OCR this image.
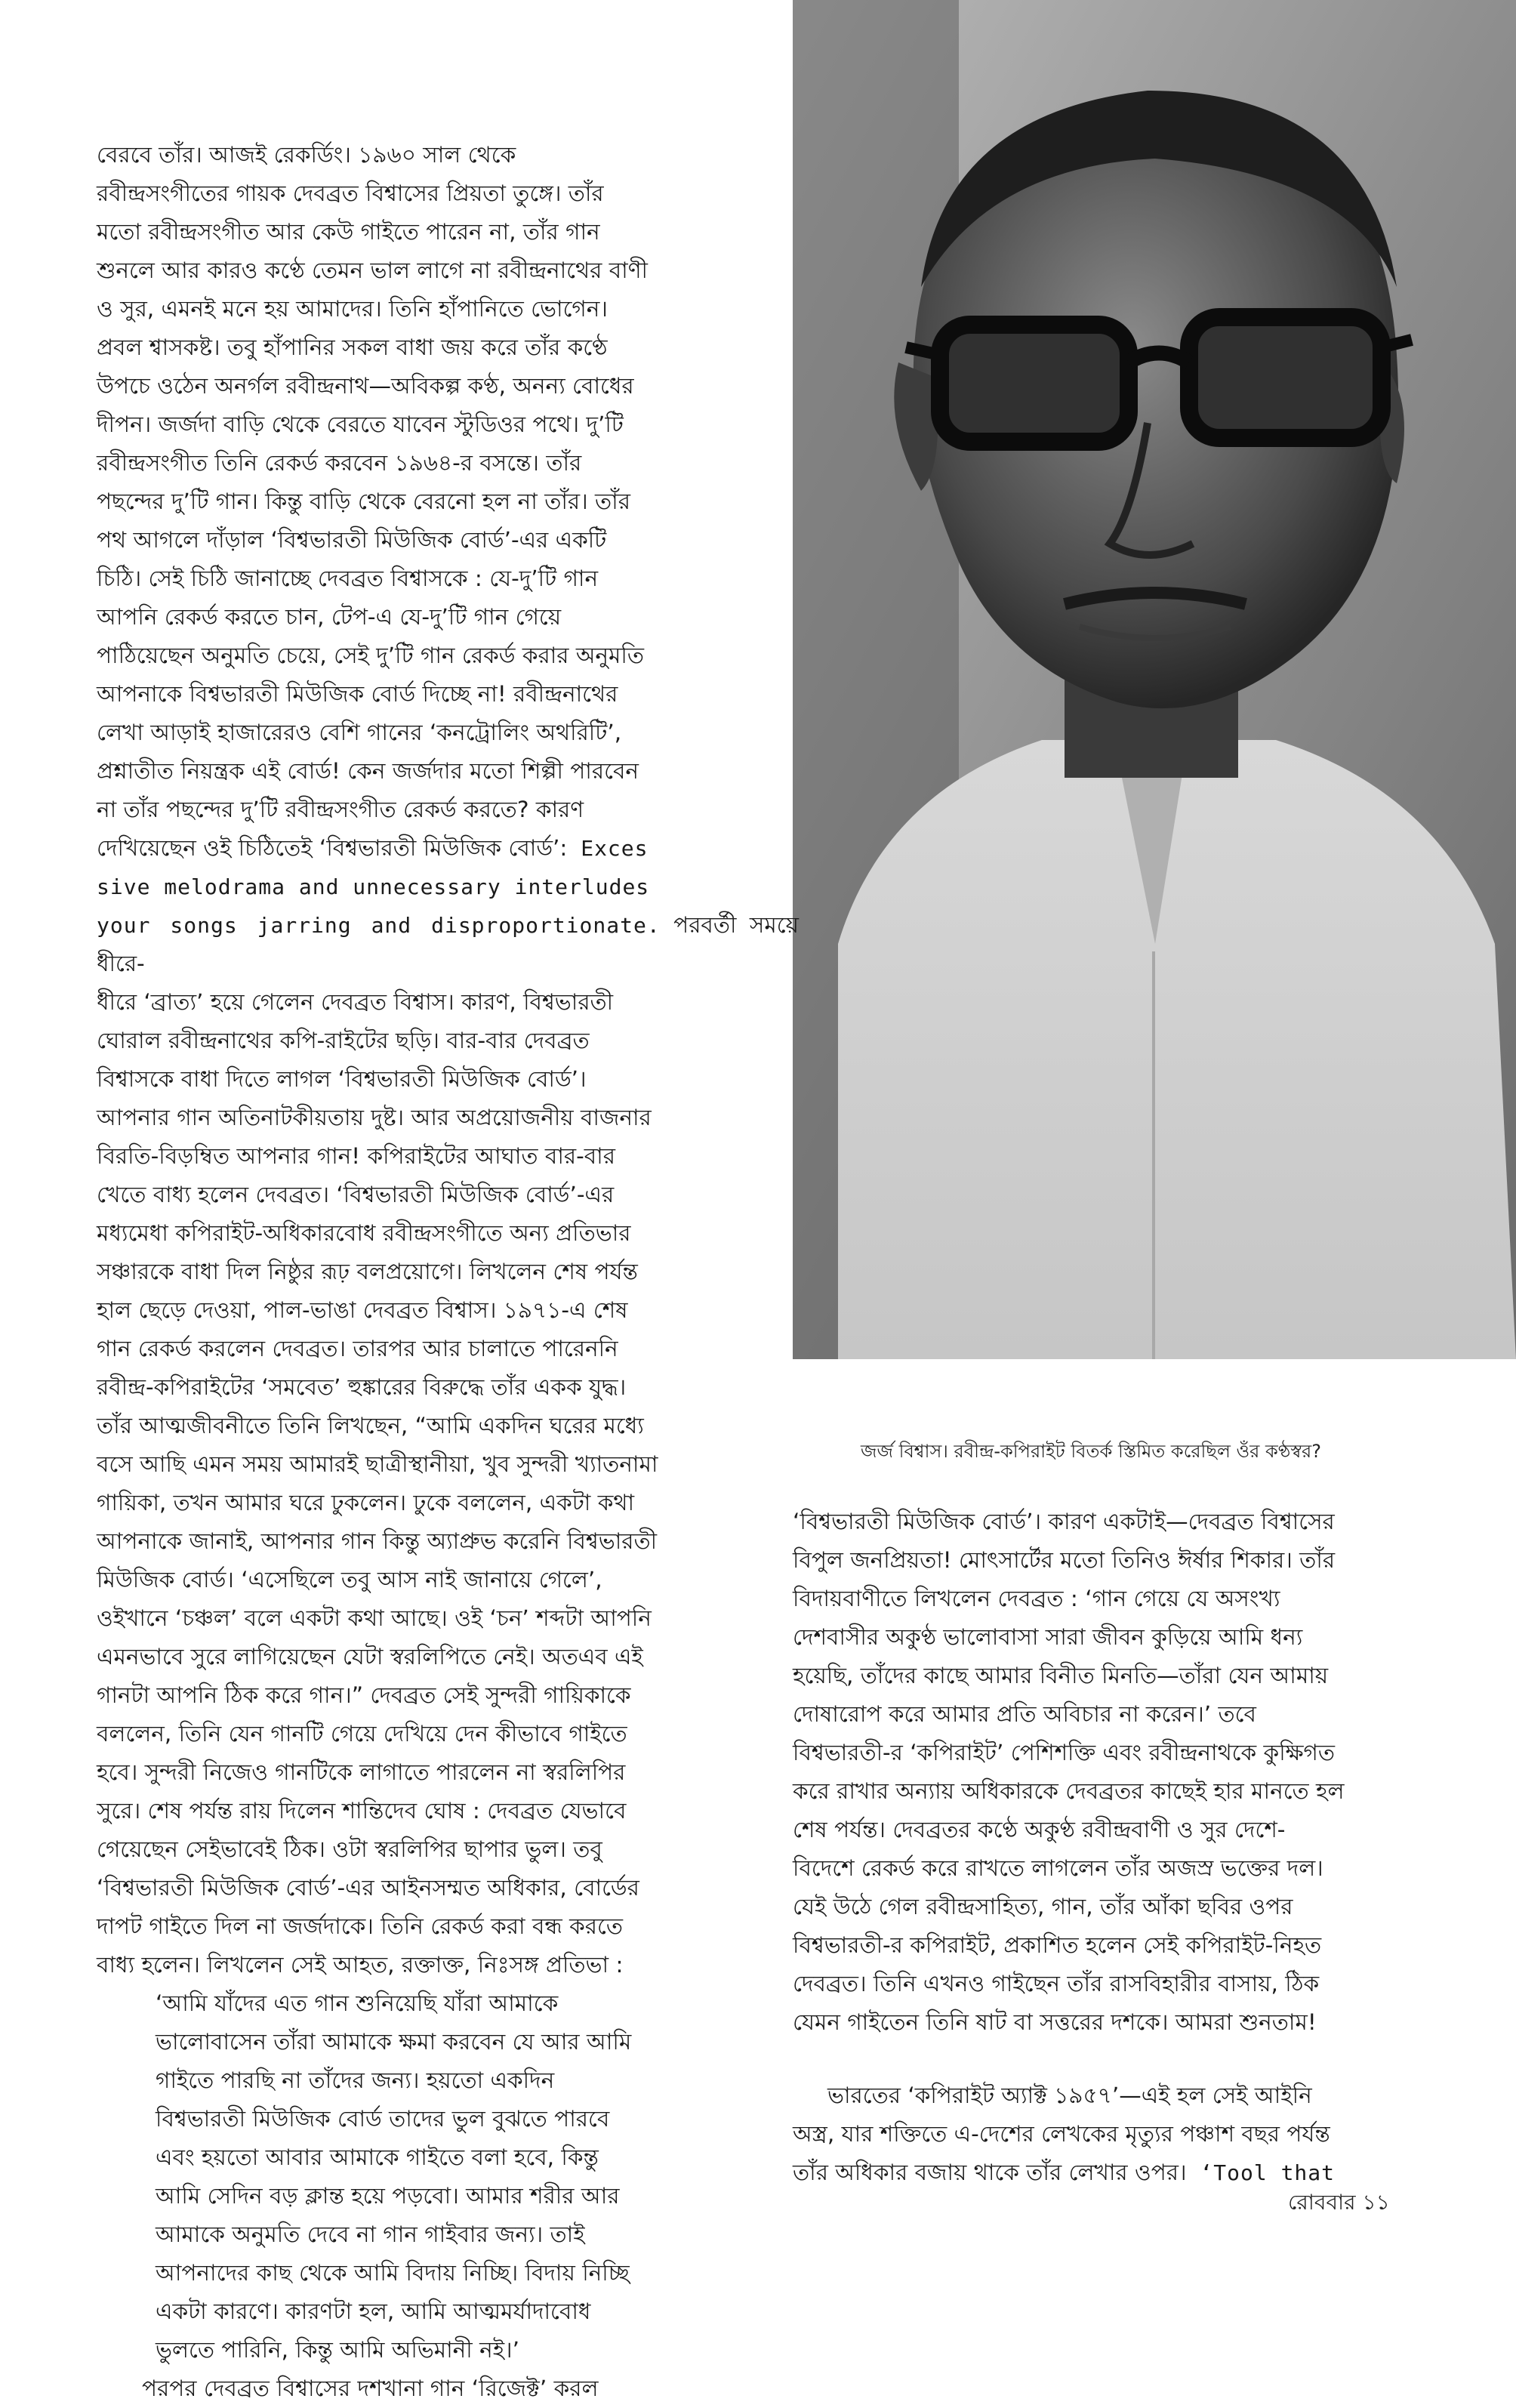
বেরবে তাঁর। আজই রেকর্ডিং। ১৯৬০ সাল থেকে
রবীন্দ্রসংগীতের গায়ক দেবব্রত বিশ্বাসের প্রিয়তা তুঙ্গে। তাঁর
মতো রবীন্দ্রসংগীত আর কেউ গাইতে পারেন না, তাঁর গান
শুনলে আর কারও কণ্ঠে তেমন ভাল লাগে না রবীন্দ্রনাথের বাণী
ও সুর, এমনই মনে হয় আমাদের। তিনি হাঁপানিতে ভোগেন।
প্রবল শ্বাসকষ্ট। তবু হাঁপানির সকল বাধা জয় করে তাঁর কণ্ঠে
উপচে ওঠেন অনর্গল রবীন্দ্রনাথ—অবিকল্প কণ্ঠ, অনন্য বোধের
দীপন। জর্জদা বাড়ি থেকে বেরতে যাবেন স্টুডিওর পথে। দু’টি
রবীন্দ্রসংগীত তিনি রেকর্ড করবেন ১৯৬৪-র বসন্তে। তাঁর
পছন্দের দু’টি গান। কিন্তু বাড়ি থেকে বেরনো হল না তাঁর। তাঁর
পথ আগলে দাঁড়াল ‘বিশ্বভারতী মিউজিক বোর্ড’-এর একটি
চিঠি। সেই চিঠি জানাচ্ছে দেবব্রত বিশ্বাসকে : যে-দু’টি গান
আপনি রেকর্ড করতে চান, টেপ-এ যে-দু’টি গান গেয়ে
পাঠিয়েছেন অনুমতি চেয়ে, সেই দু’টি গান রেকর্ড করার অনুমতি
আপনাকে বিশ্বভারতী মিউজিক বোর্ড দিচ্ছে না! রবীন্দ্রনাথের
লেখা আড়াই হাজারেরও বেশি গানের ‘কনট্রোলিং অথরিটি’,
প্রশ্নাতীত নিয়ন্ত্রক এই বোর্ড! কেন জর্জদার মতো শিল্পী পারবেন
না তাঁর পছন্দের দু’টি রবীন্দ্রসংগীত রেকর্ড করতে? কারণ
দেখিয়েছেন ওই চিঠিতেই ‘বিশ্বভারতী মিউজিক বোর্ড’: Exces
sive melodrama and unnecessary interludes
your songs jarring and disproportionate. পরবর্তী সময়ে ধীরে-
ধীরে ‘ব্রাত্য’ হয়ে গেলেন দেবব্রত বিশ্বাস। কারণ, বিশ্বভারতী
ঘোরাল রবীন্দ্রনাথের কপি-রাইটের ছড়ি। বার-বার দেবব্রত
বিশ্বাসকে বাধা দিতে লাগল ‘বিশ্বভারতী মিউজিক বোর্ড’।
আপনার গান অতিনাটকীয়তায় দুষ্ট। আর অপ্রয়োজনীয় বাজনার
বিরতি-বিড়ম্বিত আপনার গান! কপিরাইটের আঘাত বার-বার
খেতে বাধ্য হলেন দেবব্রত। ‘বিশ্বভারতী মিউজিক বোর্ড’-এর
মধ্যমেধা কপিরাইট-অধিকারবোধ রবীন্দ্রসংগীতে অন্য প্রতিভার
সঞ্চারকে বাধা দিল নিষ্ঠুর রূঢ় বলপ্রয়োগে। লিখলেন শেষ পর্যন্ত
হাল ছেড়ে দেওয়া, পাল-ভাঙা দেবব্রত বিশ্বাস। ১৯৭১-এ শেষ
গান রেকর্ড করলেন দেবব্রত। তারপর আর চালাতে পারেননি
রবীন্দ্র-কপিরাইটের ‘সমবেত’ হুঙ্কারের বিরুদ্ধে তাঁর একক যুদ্ধ।
তাঁর আত্মজীবনীতে তিনি লিখছেন, “আমি একদিন ঘরের মধ্যে
বসে আছি এমন সময় আমারই ছাত্রীস্থানীয়া, খুব সুন্দরী খ্যাতনামা
গায়িকা, তখন আমার ঘরে ঢুকলেন। ঢুকে বললেন, একটা কথা
আপনাকে জানাই, আপনার গান কিন্তু অ্যাপ্রুভ করেনি বিশ্বভারতী
মিউজিক বোর্ড। ‘এসেছিলে তবু আস নাই জানায়ে গেলে’,
ওইখানে ‘চঞ্চল’ বলে একটা কথা আছে। ওই ‘চন’ শব্দটা আপনি
এমনভাবে সুরে লাগিয়েছেন যেটা স্বরলিপিতে নেই। অতএব এই
গানটা আপনি ঠিক করে গান।” দেবব্রত সেই সুন্দরী গায়িকাকে
বললেন, তিনি যেন গানটি গেয়ে দেখিয়ে দেন কীভাবে গাইতে
হবে। সুন্দরী নিজেও গানটিকে লাগাতে পারলেন না স্বরলিপির
সুরে। শেষ পর্যন্ত রায় দিলেন শান্তিদেব ঘোষ : দেবব্রত যেভাবে
গেয়েছেন সেইভাবেই ঠিক। ওটা স্বরলিপির ছাপার ভুল। তবু
‘বিশ্বভারতী মিউজিক বোর্ড’-এর আইনসম্মত অধিকার, বোর্ডের
দাপট গাইতে দিল না জর্জদাকে। তিনি রেকর্ড করা বন্ধ করতে
বাধ্য হলেন। লিখলেন সেই আহত, রক্তাক্ত, নিঃসঙ্গ প্রতিভা :

‘আমি যাঁদের এত গান শুনিয়েছি যাঁরা আমাকে
ভালোবাসেন তাঁরা আমাকে ক্ষমা করবেন যে আর আমি
গাইতে পারছি না তাঁদের জন্য। হয়তো একদিন
বিশ্বভারতী মিউজিক বোর্ড তাদের ভুল বুঝতে পারবে
এবং হয়তো আবার আমাকে গাইতে বলা হবে, কিন্তু
আমি সেদিন বড় ক্লান্ত হয়ে পড়বো। আমার শরীর আর
আমাকে অনুমতি দেবে না গান গাইবার জন্য। তাই
আপনাদের কাছ থেকে আমি বিদায় নিচ্ছি। বিদায় নিচ্ছি
একটা কারণে। কারণটা হল, আমি আত্মমর্যাদাবোধ
ভুলতে পারিনি, কিন্তু আমি অভিমানী নই।’

পরপর দেবব্রত বিশ্বাসের দশখানা গান ‘রিজেক্ট’ করল

জর্জ বিশ্বাস। রবীন্দ্র-কপিরাইট বিতর্ক স্তিমিত করেছিল ওঁর কণ্ঠস্বর?

‘বিশ্বভারতী মিউজিক বোর্ড’। কারণ একটাই—দেবব্রত বিশ্বাসের
বিপুল জনপ্রিয়তা! মোৎসার্টের মতো তিনিও ঈর্ষার শিকার। তাঁর
বিদায়বাণীতে লিখলেন দেবব্রত : ‘গান গেয়ে যে অসংখ্য
দেশবাসীর অকুণ্ঠ ভালোবাসা সারা জীবন কুড়িয়ে আমি ধন্য
হয়েছি, তাঁদের কাছে আমার বিনীত মিনতি—তাঁরা যেন আমায়
দোষারোপ করে আমার প্রতি অবিচার না করেন।’ তবে
বিশ্বভারতী-র ‘কপিরাইট’ পেশিশক্তি এবং রবীন্দ্রনাথকে কুক্ষিগত
করে রাখার অন্যায় অধিকারকে দেবব্রতর কাছেই হার মানতে হল
শেষ পর্যন্ত। দেবব্রতর কণ্ঠে অকুণ্ঠ রবীন্দ্রবাণী ও সুর দেশে-
বিদেশে রেকর্ড করে রাখতে লাগলেন তাঁর অজস্র ভক্তের দল।
যেই উঠে গেল রবীন্দ্রসাহিত্য, গান, তাঁর আঁকা ছবির ওপর
বিশ্বভারতী-র কপিরাইট, প্রকাশিত হলেন সেই কপিরাইট-নিহত
দেবব্রত। তিনি এখনও গাইছেন তাঁর রাসবিহারীর বাসায়, ঠিক
যেমন গাইতেন তিনি ষাট বা সত্তরের দশকে। আমরা শুনতাম!

ভারতের ‘কপিরাইট অ্যাক্ট ১৯৫৭’—এই হল সেই আইনি
অস্ত্র, যার শক্তিতে এ-দেশের লেখকের মৃত্যুর পঞ্চাশ বছর পর্যন্ত
তাঁর অধিকার বজায় থাকে তাঁর লেখার ওপর। ‘Tool that

রোববার ১১
